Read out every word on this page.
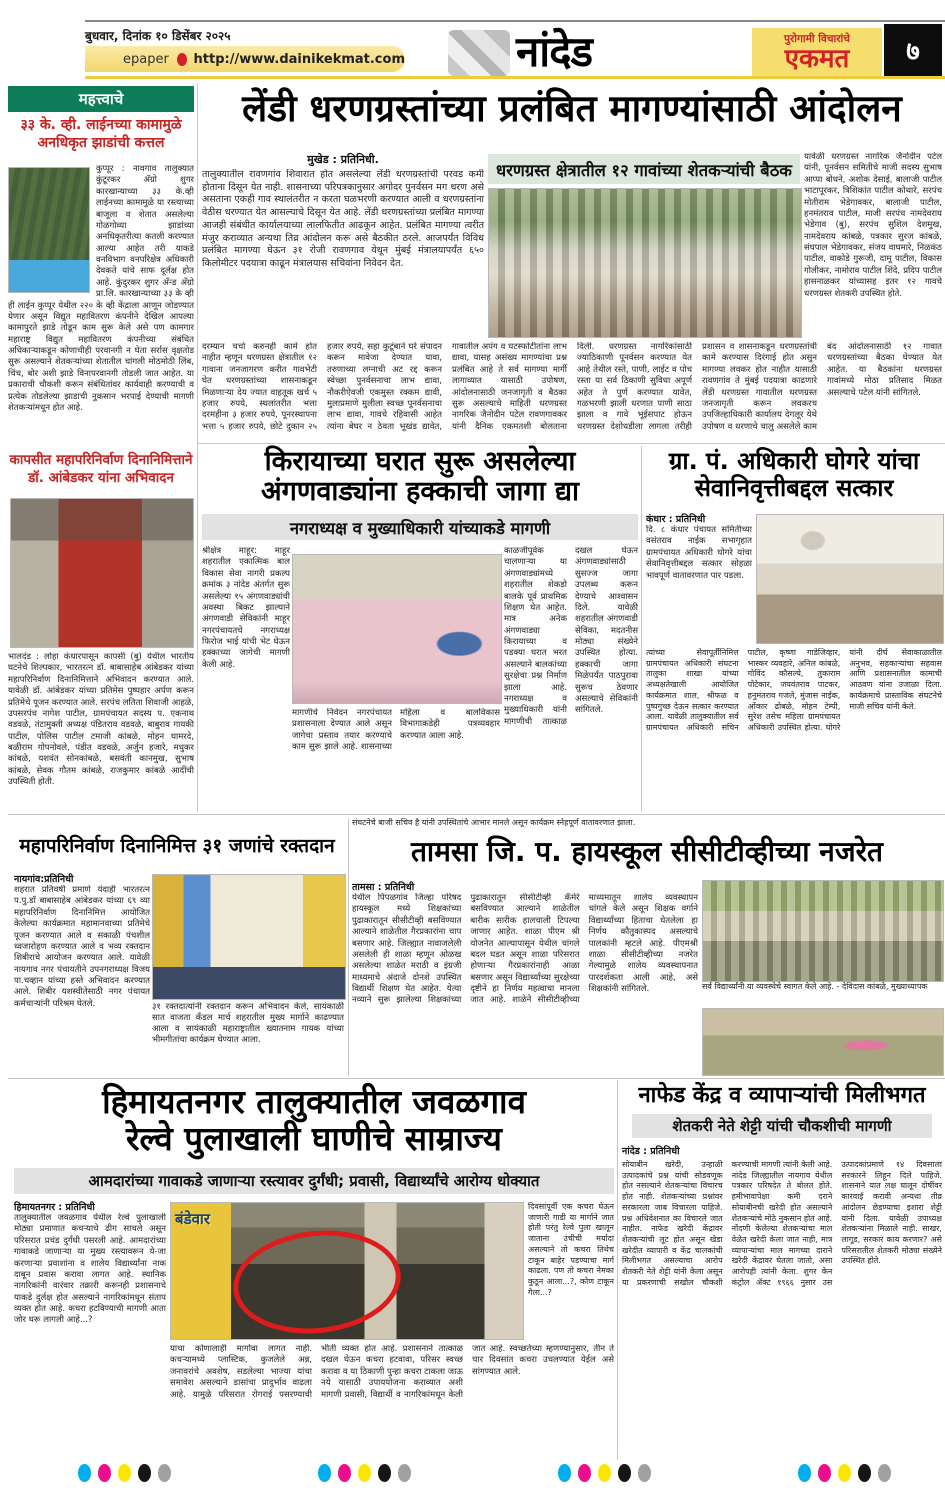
बुधवार, दिनांक १० डिसेंबर २०२५
epaper http://www.dainikekmat.com	नांदेड	पुरोगामी विचारांचे
एकमत ७
महत्त्वाचे
३३ के. व्ही. लाईनच्या कामामुळे अनधिकृत झाडांची कत्तल
कुप्पूर : नावगाव तालुक्यात कुंटूरकर अ‍ॅग्रो शुगर कारखान्याच्या ३३ के.व्ही लाईनच्या कामामुळे या रस्त्याच्या बाजूला व शेतात असलेल्या गोळगोव्या झाडांच्या अनधिकृतरीत्या कतली करण्यात आल्या आहेत तरी याकडे वनविभाग वनपरिक्षेत्र अधिकारी देवकते यांचे साफ दूर्लक्ष होत आहे. कुंदुरकर शुगर अँन्ड अँग्रो प्रा.लि. कारखान्याच्या ३३ के व्ही ही लाईन कुप्पूर येथील २२० के व्ही केंद्राला आणून जोडण्यात येणार असून विद्युत महावितरण कंपनीने देखिल आपल्या कामापुरते झाडे तोडून काम सुरू केले असे पण कामगार महाराष्ट्र विद्युत महावितरण कंपनीच्या संबंधित अधिकाऱ्याकडून कोणाचीही परवानगी न घेता सर्रास वृक्षतोड सुरू असल्याने शेतकऱ्यांच्या शेतातील चांगली मोठमोठी लिंब, चिंच, बोर अशी झाडे विनापरवानगी तोडली जात आहेत. या प्रकाराची चौकशी करून संबंधितांवर कार्यवाही करण्याची व प्रत्येक तोडलेल्या झाडाची नुकसान भरपाई देण्याची मागणी शेतकऱ्यांमधून होत आहे.
कापसीत महापरिनिर्वाण दिनानिमित्ताने डॉ. आंबेडकर यांना अभिवादन
भालदंड : लोहा कंधारपासून कापसी (बु) येथील भारतीय घटनेचे शिल्पकार, भारतरत्न डॉ. बाबासाहेब आंबेडकर यांच्या महापरिनिर्वाण दिनानिमित्ताने अभिवादन करण्यात आले. यावेळी डॉ. आंबेडकर यांच्या प्रतिमेस पुष्पहार अर्पण करून प्रतिमेचे पूजन करण्यात आले. सरपंच लतिता शिवाजी आहळे, उपसरपंच नागेश पाटील, ग्रामपंचायत सदस्य प. एकनाथ वडवळे, तंटामुक्ती अध्यक्ष पंडितराव वडवळे, बाबुराव गायकी पाटील, पोलिस पाटील टमाजी कांबळे, मोहन घामरदे, बळीराम गोपनोवले, पंडीत वडवळे, अर्जुन हजारे, मधुकर कांबळे, यशवंत सोनकांबळे, बसवंती कानमुख, सुभाष कांबळे, सेवक गौतम कांबळे, राजकुमार कांबळे आदींची उपस्थिती होती.
लेंडी धरणग्रस्तांच्या प्रलंबित मागण्यांसाठी आंदोलन
मुखेड : प्रतिनिधी.
तालुक्यातील रावणगांव शिवारात होत असलेल्या लेंडी धरणग्रस्तांची परवड कमी होताना दिसून येत नाही. शासनाच्या परिपत्रकानुसार अगोदर पुनर्वसन मग धरण असे असताना एकही गाव स्थालंतरीत न करता घळभरणी करण्यात आली व धरणग्रस्तांना वेठीस धरण्यात येत आसल्याचे दिसून येत आहे. लेंडी धरणग्रस्तांच्या प्रलंबित मागण्या आजही संबंधीत कार्यालयाच्या लालफितीत आढकून आहेत. प्रलंबित मागण्या त्वरीत मंजुर कराव्यात अन्यथा तिव्र आंदोलन करू असे बैठकीत ठरले. आजपर्यंत विविध प्रलंबित मागण्या घेऊन ३१ रोजी रावणगाव येथून मुंबई मंत्रालयापर्यंत ६५० किलोमीटर पदयात्रा काढून मंत्रालयास सचिवांना निवेदन देत.
धरणग्रस्त क्षेत्रातील १२ गावांच्या शेतकऱ्यांची बैठक
यावेळी धरणग्रस्त नागरिक जैनोदीन पटेल यांनी, पूनर्वसन समितीचे माजी सदस्य सुभाष आप्पा बोधने, अशोक देसाई, बालाजी पाटील भाटापूरकर, त्रिशिकांत पाटील कोथारे, सरपंच मोतीराम भेडेगावकर, बालाजी पाटील, हनमंतराव पाटील, माजी सरपंच नामदेवराय भेडेगाव (बु), सरपंच सुशिल देशमुख, नामदेवराय कांबळे, पत्रकार सुरज कांबळे, संघपाल भेडेगावकर, संजय वाघमारे, निळकंठ पाटील, वाकोडे गुरूजी, दामू पाटील, विकास गोलीकर, नामोराव पाटील शिंदे, प्रदिप पाटील हासनाळकर यांच्यासह इतर १२ गावचे धरणग्रस्त शेतकरी उपस्थित होते.
दरम्यान चर्चा करुनही कामे होत नाहीत म्हणून धरणग्रस्त क्षेत्रातील १२ गावाना जनजागरण करीत गावभेटी घेत धरणग्रस्तांच्या शासनाकडून मिळणाऱ्या देय ज्यात वाहतूक खर्च ५ हजार रुपये, स्थलांतरीत भत्ता दरमहीना ३ हजार रुपये, पूनरस्थापना भत्ता ५ हजार रुपये, छोटे दुकान २५ हजार रुपये, सहा कुटूंबाने घरे संपादन करून मावेजा देण्यात यावा, तरुणाच्या लग्नाची अट रद्द करून स्वेच्छा पुनर्वसनाचा लाभ द्यावा, नौकरीऐवजी एकमुस्त रक्कम द्यावी, मुलाप्रमाणे मुलीला स्वच्छ पूनर्वसनाचा लाभ द्यावा, गावचे रहिवासी आहेत त्यांना बेघर न ठेवता भूखंड द्यावेत, गावातील अपंग व घटस्फोटीतांना लाभ द्यावा, यासह असंख्य मागण्यांचा प्रश्न प्रलंबित आहे ते सर्व मागण्या मार्गी लागाव्यात यासाठी उपोषण, आंदोलनासाठी जनजागृती व बैठका सुरू असल्याचे माहिती धरणग्रस्त नागरिक जैनोदीन पटेल रावणगावकर यांनी दैनिक एकमतशी बोलताना दिली. धरणग्रस्त नागरिकांसाठी ज्याठिकाणी पूनर्वसन करण्यात येत आहे तेथील रस्ते, पाणी, लाईट व पोच रस्ता या सर्व ठिकाणी सुविधा अपूर्ण अहेत ते पुर्ण करण्यात यावेत, गळभरणी झाली धरणात पाणी साठा झाला व गावे भूईसपाट होऊन धरणग्रस्त देशोधडीला लागला तरीही प्रशासन व शासनाकडून धरणग्रस्तांची कामे करण्यास दिरंगाई होत असुन मागण्या लवकर होत नाहीत यासाठी रावणगांव ते मुंबई पदयात्रा काढणारे लेंडी धरणग्रस्त गावातील धरणग्रस्त जनजागृती करून लवकरच उपजिल्हाधिकारी कार्यालय देगलूर येथे उपोषण व धरणाचे चालु असलेले काम बंद आंदोलनासाठी १२ गावात धरणग्रस्तांच्या बैठका घेण्यात येत आहेत. या बैठकांना धरणग्रस्त गावांमध्ये मोठा प्रतिसाद मिळत असल्याचे पटेल यांनी सांगितले.
किरायाच्या घरात सुरू असलेल्या
अंगणवाड्यांना हक्काची जागा द्या
नगराध्यक्ष व मुख्याधिकारी यांच्याकडे मागणी
श्रीक्षेत्र माहूर: माहूर शहरातील एकात्मिक बाल विकास सेवा नागरी प्रकल्प क्रमांक ३ नांदेड अंतर्गत सुरू असलेल्या १५ अंगणवाड्यांची अवस्था बिकट झाल्याने अंगणवाडी सेविकांनी माहूर नगरपंचायतचे नगराध्यक्ष फिरोज भाई यांची भेट घेऊन हक्काच्या जागेची मागणी केली आहे.
मागणीचे निवेदन नगरपंचायत प्रशासनाला देण्यात आले असून जागेचा प्रस्ताव तयार करण्याचे काम सुरू झाले आहे. शासनाच्या महिला व बालविकास विभागाकडेही पत्रव्यवहार करण्यात आला आहे.
काळजीपूर्वक चालणाऱ्या या अंगणवाड्यांमध्ये शहरातील शेकडो बालके पूर्व प्राथमिक शिक्षण घेत आहेत. मात्र अनेक अंगणवाड्या किरायाच्या व पडक्या घरात भरत असल्याने बालकांच्या सुरक्षेचा प्रश्न निर्माण झाला आहे. नगराध्यक्ष व मुख्याधिकारी यांनी मागणीची तात्काळ दखल घेऊन अंगणवाड्यांसाठी सुसज्ज जागा उपलब्ध करून देण्याचे आश्वासन दिले. यावेळी शहरातील अंगणवाडी सेविका, मदतनीस मोठ्या संख्येने उपस्थित होत्या. हक्काची जागा मिळेपर्यंत पाठपुरावा सुरूच ठेवणार असल्याचे सेविकांनी सांगितले.
ग्रा. पं. अधिकारी घोगरे यांचा
सेवानिवृत्तीबद्दल सत्कार
कंधार : प्रतिनिधी
दि. ८ कंधार पंचायत समितीच्या वसंतराव नाईक सभागृहात ग्रामपंचायत अधिकारी घोगरे यांचा सेवानिवृत्तीबद्दल सत्कार सोहळा भावपूर्ण वातावरणात पार पडला.
त्यांच्या सेवापूर्तीनिमित्त ग्रामपंचायत अधिकारी संघटना तालुका शाखा यांच्या अध्यक्षतेखाली आयोजित कार्यक्रमात शाल, श्रीफळ व पुष्पगुच्छ देऊन सत्कार करण्यात आला. यावेळी तालुक्यातील सर्व ग्रामपंचायत अधिकारी सचिन पाटील, कृष्णा गाडेजिव्हार, भास्कर व्यवहारे, अनिल कांबळे, गोविंद कौसल्ये, तुकाराम पोटेकार, जयवंतराव पाटकर, हनुमंतराव गजले, मुंजास नाईक, ओंकार ढोबळे, मोहन टेम्पी, सुरेश तसेच महिला ग्रामपंचायत अधिकारी उपस्थित होत्या. घोगरे यांनी दीर्घ सेवाकाळातील अनुभव, सहकाऱ्यांचा सहवास आणि प्रशासनातील कामाची आठवण यांना उजाळा दिला. कार्यक्रमाचे प्रास्ताविक संघटनेचे माजी सचिव यांनी केले.
महापरिनिर्वाण दिनानिमित्त ३१ जणांचे रक्तदान
नायगांव:प्रतिनिधी
शहरात प्रतिवर्षी प्रमाणे यंदाही भारतरत्न प.पु.डॉ बाबासाहेब आंबेडकर यांच्या ६९ व्या महापरिनिर्वाण दिनानिमित्त आयोजित केलेल्या कार्यक्रमात महामानवाच्या प्रतिमेचे पूजन करण्यात आले व सकाळी पंचशील ध्वजारोहण करण्यात आले व भव्य रक्तदान शिबीराचे आयोजन करण्यात आले. यावेळी नायगाव नगर पंचायतीने उपनगराध्यक्ष विजय पा.चव्हान यांच्या हस्ते अभिवादन करण्यात आले. शिबीर यशस्वीतेसाठी नगर पंचायत कर्मचाऱ्यांनी परिश्रम घेतले.	३१ रक्तदात्यांनी रक्तदान करून अभिवादन केले, सायंकाळी सात वाजता कँडल मार्च शहरातील मुख्य मार्गाने काढण्यात आला व सायंकाळी महाराष्ट्रातील ख्यातनाम गायक यांच्या भीमगीतांचा कार्यक्रम घेण्यात आला.
संघटनेचे बाजी सचिव है यांनी उपस्थितांचे आभार मानले असून कार्यक्रम स्नेहपूर्ण वातावरणात झाला.
तामसा जि. प. हायस्कूल सीसीटीव्हीच्या नजरेत
तामसा : प्रतिनिधी
येथील पिंपळगांव जिल्हा परिषद हायस्कूल मध्ये शिक्षकांच्या पुढाकारातून सीसीटीव्ही बसविण्यात आल्याने शाळेतील गैरप्रकारांना चाप बसणार आहे. जिल्ह्यात नावाजलेली असलेली ही शाळा म्हणून ओळख असलेल्या शाळेत मराठी व इंग्रजी माध्यमाचे अंदाजे दोनशे उपस्थित विद्यार्थी शिक्षण घेत आहेत. येत्या नव्याने सुरू झालेल्या शिक्षकांच्या पुढाकारातून सीसीटीव्ही कॅमेरे बसविण्यात आल्याने शाळेतील बारीक सारीक हालचाली टिपल्या जाणार आहेत. शाळा पीएम श्री योजनेत आल्यापासून येथील चांगले बदल घडत असून शाळा परिसरात होणाऱ्या गैरप्रकारांनाही आळा बसणार असून विद्यार्थ्यांच्या सुरक्षेच्या दृष्टीने हा निर्णय महत्वाचा मानला जात आहे. शाळेने सीसीटीव्हीच्या माध्यमातून शालेय व्यवस्थापन चांगले केले असून शिक्षक वर्गाने विद्यार्थ्यांच्या हिताचा घेतलेला हा निर्णय कौतुकास्पद असल्याचे पालकांनी म्हटले आहे. पीएमश्री शाळा सीसीटीव्हीच्या नजरेत गेल्यामुळे शालेय व्यवस्थापनात पारदर्शकता आली आहे, असे शिक्षकांनी सांगितले.	सर्व विद्यार्थ्यांनी या व्यवस्थेचे स्वागत केले आहे. - देविदास कांबळे, मुख्याध्यापक
हिमायतनगर तालुक्यातील जवळगाव
रेल्वे पुलाखाली घाणीचे साम्राज्य
आमदारांच्या गावाकडे जाणाऱ्या रस्त्यावर दुर्गंधी; प्रवासी, विद्यार्थ्यांचे आरोग्य धोक्यात
हिमायतनगर : प्रतिनिधी
तालुक्यातील जवळगाव येथील रेल्वे पुलाखाली मोठ्या प्रमाणात कचऱ्याचे ढीग साचले असून परिसरात प्रचंड दुर्गंधी पसरली आहे. आमदारांच्या गावाकडे जाणाऱ्या या मुख्य रस्त्यावरून ये-जा करणाऱ्या प्रवाशांना व शालेय विद्यार्थ्यांना नाक दाबून प्रवास करावा लागत आहे. स्थानिक नागरिकांनी वारंवार तक्रारी करूनही प्रशासनाचे याकडे दुर्लक्ष होत असल्याने नागरिकांमधून संताप व्यक्त होत आहे. कचरा हटविण्याची मागणी आता जोर धरू लागली आहे...?
बंडेवार
दिवसांपूर्वी एक कचरा घेऊन जाणारी गाडी या मार्गाने जात होती परंतु रेल्वे पुला खालून जाताना उंचीची मर्यादा असल्याने तो कचरा तिथेच टाकून बाहेर पडण्याचा मार्ग काढला. पण तो कचरा नेमका कुठून आला...?, कोण टाकून गेला...?
याचा कोणालाही मागोवा लागत नाही. कचऱ्यामध्ये प्लास्टिक, कुजलेले अन्न, जनावरांचे अवशेष, सडलेल्या भाज्या यांचा समावेश असल्याने डासांचा प्रादुर्भाव वाढला आहे. यामुळे परिसरात रोगराई पसरण्याची भीती व्यक्त होत आहे. प्रशासनाने तात्काळ दखल घेऊन कचरा हटवावा, परिसर स्वच्छ करावा व या ठिकाणी पुन्हा कचरा टाकला जाऊ नये यासाठी उपाययोजना कराव्यात अशी मागणी प्रवासी, विद्यार्थी व नागरिकांमधून केली जात आहे. स्वच्छतेच्या म्हणण्यानुसार, तीन ते चार दिवसांत कचरा उचलण्यात येईल असे सांगण्यात आले.
नाफेड केंद्र व व्यापाऱ्यांची मिलीभगत
शेतकरी नेते शेट्टी यांची चौकशीची मागणी
नांदेड : प्रतिनिधी
सोयाबीन खरेदी, उन्हाळी उत्पादकांचे प्रश्न यांची सोडवणूक होत नसल्याने शेतकऱ्यांचा विचारच होत नाही. शेतकऱ्यांच्या प्रश्नांवर सरकारला जाब विचारला पाहिजे. प्रश्न अधिवेशनात का विचारले जात नाहीत. नाफेड खरेदी केंद्रावर शेतकऱ्यांची लूट होत असून खेडा खरेदीत व्यापारी व केंद्र चालकांची मिलीभगत असल्याचा आरोप शेतकरी नेते शेट्टी यांनी केला असून या प्रकरणाची सखोल चौकशी करण्याची मागणी त्यांनी केली आहे. नांदेड जिल्ह्यातील नायगाव येथील पत्रकार परिषदेत ते बोलत होते. हमीभावापेक्षा कमी दराने सोयाबीनची खरेदी होत असल्याने शेतकऱ्यांचे मोठे नुकसान होत आहे. नोंदणी केलेल्या शेतकऱ्यांचा माल वेळेत खरेदी केला जात नाही, मात्र व्यापाऱ्यांचा माल मागच्या दाराने खरेदी केंद्रावर घेतला जातो, असा आरोपही त्यांनी केला. शुगर केन कंट्रोल ॲक्ट १९६६ नुसार उस उत्पादकांप्रमाणे १४ दिवसाला सरकारने लिहून दिले पाहिजे. शासनाने यात लक्ष घालून दोषींवर कारवाई करावी अन्यथा तीव्र आंदोलन छेडण्याचा इशारा शेट्टी यांनी दिला. यावेळी उपाध्यक्ष शेतकऱ्यांना मिळाले नाही. साखर, लागूड, सरकार काय करणार? असे परिसरातील शेतकरी मोठ्या संख्येने उपस्थित होते.
